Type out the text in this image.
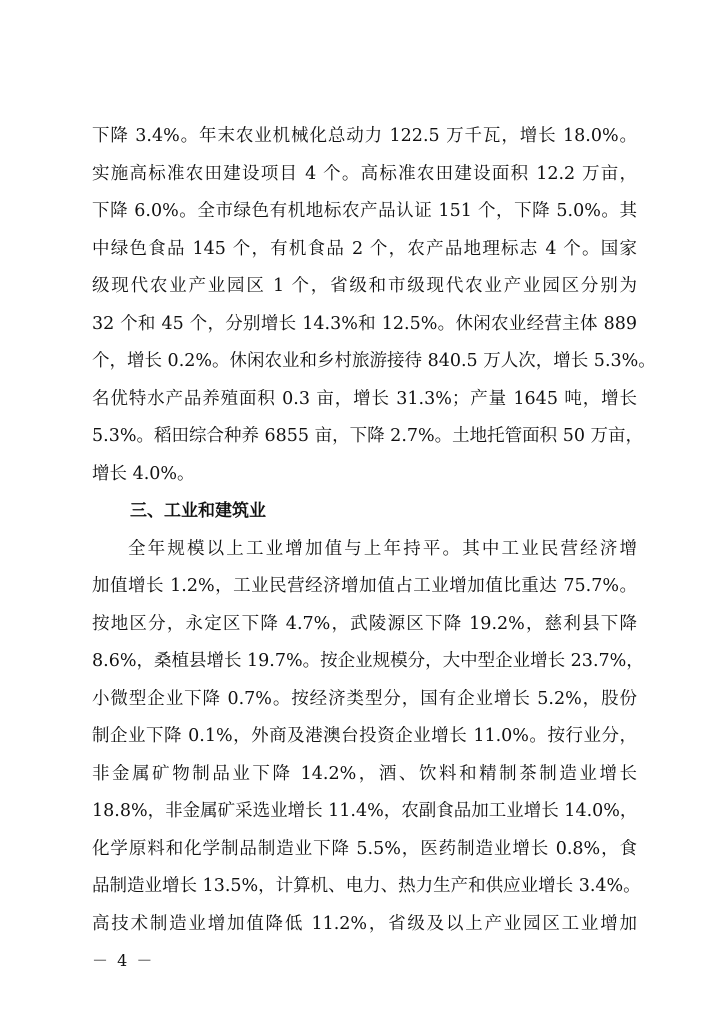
下降 3.4%。年末农业机械化总动力 122.5 万千瓦，增长 18.0%。
实施高标准农田建设项目 4 个。高标准农田建设面积 12.2 万亩，
下降 6.0%。全市绿色有机地标农产品认证 151 个，下降 5.0%。其
中绿色食品 145 个，有机食品 2 个，农产品地理标志 4 个。国家
级现代农业产业园区 1 个，省级和市级现代农业产业园区分别为
32 个和 45 个，分别增长 14.3%和 12.5%。休闲农业经营主体 889
个，增长 0.2%。休闲农业和乡村旅游接待 840.5 万人次，增长 5.3%。
名优特水产品养殖面积 0.3 亩，增长 31.3%；产量 1645 吨，增长
5.3%。稻田综合种养 6855 亩，下降 2.7%。土地托管面积 50 万亩，
增长 4.0%。
三、工业和建筑业
全年规模以上工业增加值与上年持平。其中工业民营经济增
加值增长 1.2%，工业民营经济增加值占工业增加值比重达 75.7%。
按地区分，永定区下降 4.7%，武陵源区下降 19.2%，慈利县下降
8.6%，桑植县增长 19.7%。按企业规模分，大中型企业增长 23.7%，
小微型企业下降 0.7%。按经济类型分，国有企业增长 5.2%，股份
制企业下降 0.1%，外商及港澳台投资企业增长 11.0%。按行业分，
非金属矿物制品业下降 14.2%，酒、饮料和精制茶制造业增长
18.8%，非金属矿采选业增长 11.4%，农副食品加工业增长 14.0%，
化学原料和化学制品制造业下降 5.5%，医药制造业增长 0.8%，食
品制造业增长 13.5%，计算机、电力、热力生产和供应业增长 3.4%。
高技术制造业增加值降低 11.2%，省级及以上产业园区工业增加
－ 4 －
